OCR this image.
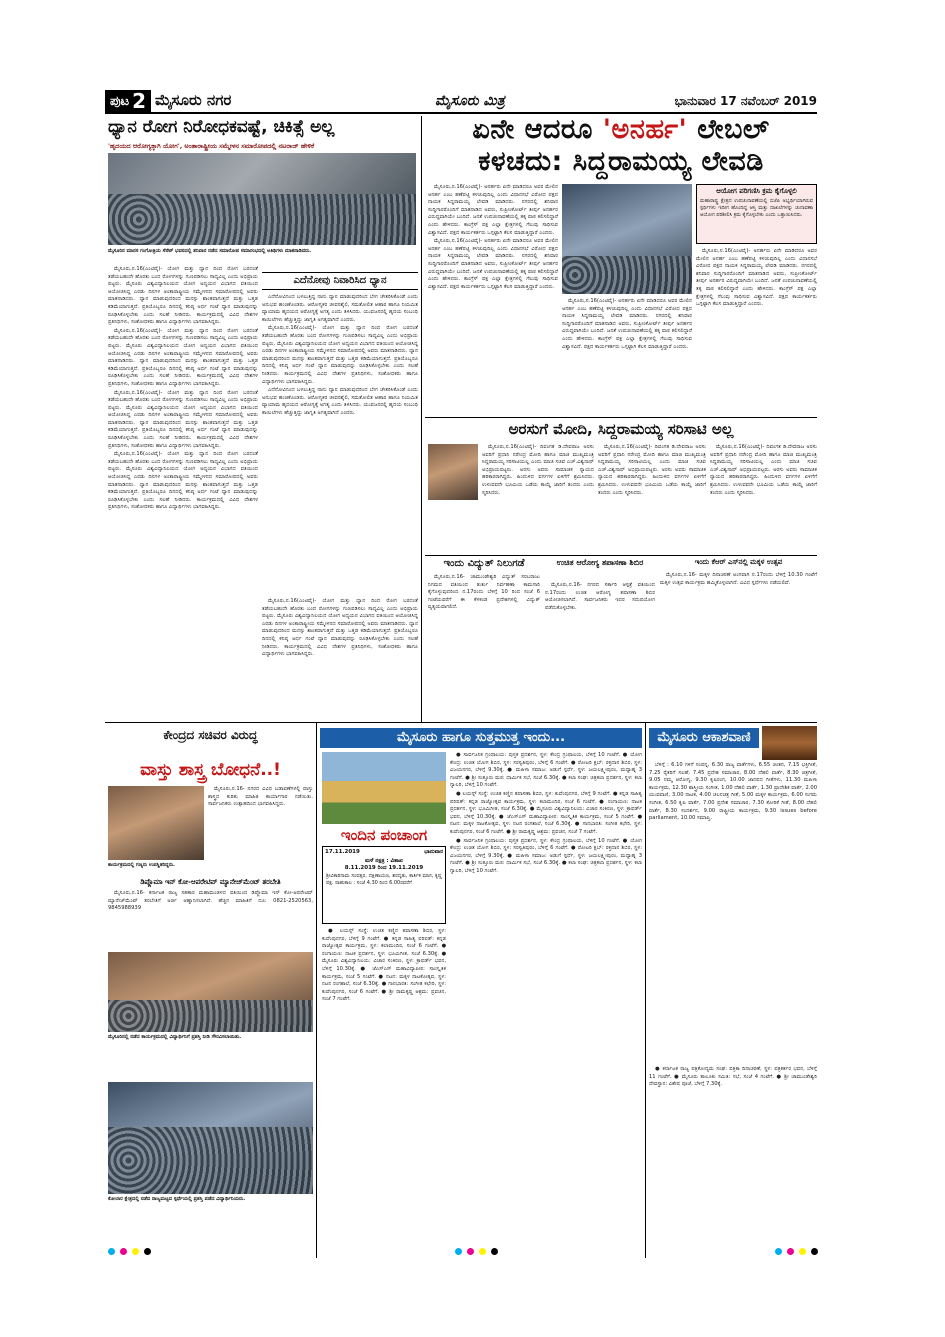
ಪುಟ 2 ಮೈಸೂರು ನಗರ	ಮೈಸೂರು ಮಿತ್ರ	ಭಾನುವಾರ 17 ನವೆಂಬರ್ 2019
ಧ್ಯಾನ ರೋಗ ನಿರೋಧಕವಷ್ಟೆ, ಚಿಕಿತ್ಸೆ ಅಲ್ಲ
'ಹೃದಯದ ಆರೋಗ್ಯಕ್ಕಾಗಿ ಯೋಗ', ಅಂತಾರಾಷ್ಟ್ರೀಯ ಸಮ್ಮೇಳನ ಸಮಾರೋಪದಲ್ಲಿ ನಟರಾಜ್ ಹೇಳಿಕೆ
ಮೈಸೂರಿನ ಮಾನಸ ಗಂಗೋತ್ರಿಯ ಸೆನೆಟ್ ಭವನದಲ್ಲಿ ಶನಿವಾರ ನಡೆದ ಸಮಾರೋಪ ಸಮಾರಂಭದಲ್ಲಿ ಅತಿಥಿಗಳು ಮಾತನಾಡಿದರು.

ಮೈಸೂರು,ನ.16(ಎಂಟಿವೈ)- ಯೋಗ ಮತ್ತು ಧ್ಯಾನ ದಿಂದ ರೋಗ ಬರದಂತೆ ತಡೆಯಬಹುದೇ ಹೊರತು ಬಂದ ರೋಗಗಳನ್ನು ಗುಣಪಡಿಸಲು ಸಾಧ್ಯವಿಲ್ಲ ಎಂದು ಅಭಿಪ್ರಾಯ ಪಟ್ಟರು. ಮೈಸೂರು ವಿಶ್ವವಿದ್ಯಾನಿಲಯದ ಯೋಗ ಅಧ್ಯಯನ ವಿಭಾಗದ ವತಿಯಿಂದ ಆಯೋಜಿಸಿದ್ದ ಎರಡು ದಿನಗಳ ಅಂತಾರಾಷ್ಟ್ರೀಯ ಸಮ್ಮೇಳನದ ಸಮಾರೋಪದಲ್ಲಿ ಅವರು ಮಾತನಾಡಿದರು. ಧ್ಯಾನ ಮಾಡುವುದರಿಂದ ಮನಸ್ಸು ಶಾಂತವಾಗುತ್ತದೆ ಮತ್ತು ಒತ್ತಡ ಕಡಿಮೆಯಾಗುತ್ತದೆ. ಪ್ರತಿಯೊಬ್ಬರೂ ದಿನದಲ್ಲಿ ಕನಿಷ್ಠ ಅರ್ಧ ಗಂಟೆ ಧ್ಯಾನ ಮಾಡುವುದನ್ನು ರೂಢಿಸಿಕೊಳ್ಳಬೇಕು ಎಂದು ಸಲಹೆ ನೀಡಿದರು. ಕಾರ್ಯಕ್ರಮದಲ್ಲಿ ವಿವಿಧ ದೇಶಗಳ ಪ್ರತಿನಿಧಿಗಳು, ಸಂಶೋಧಕರು ಹಾಗೂ ವಿದ್ಯಾರ್ಥಿಗಳು ಭಾಗವಹಿಸಿದ್ದರು.

ಮೈಸೂರು,ನ.16(ಎಂಟಿವೈ)- ಯೋಗ ಮತ್ತು ಧ್ಯಾನ ದಿಂದ ರೋಗ ಬರದಂತೆ ತಡೆಯಬಹುದೇ ಹೊರತು ಬಂದ ರೋಗಗಳನ್ನು ಗುಣಪಡಿಸಲು ಸಾಧ್ಯವಿಲ್ಲ ಎಂದು ಅಭಿಪ್ರಾಯ ಪಟ್ಟರು. ಮೈಸೂರು ವಿಶ್ವವಿದ್ಯಾನಿಲಯದ ಯೋಗ ಅಧ್ಯಯನ ವಿಭಾಗದ ವತಿಯಿಂದ ಆಯೋಜಿಸಿದ್ದ ಎರಡು ದಿನಗಳ ಅಂತಾರಾಷ್ಟ್ರೀಯ ಸಮ್ಮೇಳನದ ಸಮಾರೋಪದಲ್ಲಿ ಅವರು ಮಾತನಾಡಿದರು. ಧ್ಯಾನ ಮಾಡುವುದರಿಂದ ಮನಸ್ಸು ಶಾಂತವಾಗುತ್ತದೆ ಮತ್ತು ಒತ್ತಡ ಕಡಿಮೆಯಾಗುತ್ತದೆ. ಪ್ರತಿಯೊಬ್ಬರೂ ದಿನದಲ್ಲಿ ಕನಿಷ್ಠ ಅರ್ಧ ಗಂಟೆ ಧ್ಯಾನ ಮಾಡುವುದನ್ನು ರೂಢಿಸಿಕೊಳ್ಳಬೇಕು ಎಂದು ಸಲಹೆ ನೀಡಿದರು. ಕಾರ್ಯಕ್ರಮದಲ್ಲಿ ವಿವಿಧ ದೇಶಗಳ ಪ್ರತಿನಿಧಿಗಳು, ಸಂಶೋಧಕರು ಹಾಗೂ ವಿದ್ಯಾರ್ಥಿಗಳು ಭಾಗವಹಿಸಿದ್ದರು.

ಮೈಸೂರು,ನ.16(ಎಂಟಿವೈ)- ಯೋಗ ಮತ್ತು ಧ್ಯಾನ ದಿಂದ ರೋಗ ಬರದಂತೆ ತಡೆಯಬಹುದೇ ಹೊರತು ಬಂದ ರೋಗಗಳನ್ನು ಗುಣಪಡಿಸಲು ಸಾಧ್ಯವಿಲ್ಲ ಎಂದು ಅಭಿಪ್ರಾಯ ಪಟ್ಟರು. ಮೈಸೂರು ವಿಶ್ವವಿದ್ಯಾನಿಲಯದ ಯೋಗ ಅಧ್ಯಯನ ವಿಭಾಗದ ವತಿಯಿಂದ ಆಯೋಜಿಸಿದ್ದ ಎರಡು ದಿನಗಳ ಅಂತಾರಾಷ್ಟ್ರೀಯ ಸಮ್ಮೇಳನದ ಸಮಾರೋಪದಲ್ಲಿ ಅವರು ಮಾತನಾಡಿದರು. ಧ್ಯಾನ ಮಾಡುವುದರಿಂದ ಮನಸ್ಸು ಶಾಂತವಾಗುತ್ತದೆ ಮತ್ತು ಒತ್ತಡ ಕಡಿಮೆಯಾಗುತ್ತದೆ. ಪ್ರತಿಯೊಬ್ಬರೂ ದಿನದಲ್ಲಿ ಕನಿಷ್ಠ ಅರ್ಧ ಗಂಟೆ ಧ್ಯಾನ ಮಾಡುವುದನ್ನು ರೂಢಿಸಿಕೊಳ್ಳಬೇಕು ಎಂದು ಸಲಹೆ ನೀಡಿದರು. ಕಾರ್ಯಕ್ರಮದಲ್ಲಿ ವಿವಿಧ ದೇಶಗಳ ಪ್ರತಿನಿಧಿಗಳು, ಸಂಶೋಧಕರು ಹಾಗೂ ವಿದ್ಯಾರ್ಥಿಗಳು ಭಾಗವಹಿಸಿದ್ದರು.

ಮೈಸೂರು,ನ.16(ಎಂಟಿವೈ)- ಯೋಗ ಮತ್ತು ಧ್ಯಾನ ದಿಂದ ರೋಗ ಬರದಂತೆ ತಡೆಯಬಹುದೇ ಹೊರತು ಬಂದ ರೋಗಗಳನ್ನು ಗುಣಪಡಿಸಲು ಸಾಧ್ಯವಿಲ್ಲ ಎಂದು ಅಭಿಪ್ರಾಯ ಪಟ್ಟರು. ಮೈಸೂರು ವಿಶ್ವವಿದ್ಯಾನಿಲಯದ ಯೋಗ ಅಧ್ಯಯನ ವಿಭಾಗದ ವತಿಯಿಂದ ಆಯೋಜಿಸಿದ್ದ ಎರಡು ದಿನಗಳ ಅಂತಾರಾಷ್ಟ್ರೀಯ ಸಮ್ಮೇಳನದ ಸಮಾರೋಪದಲ್ಲಿ ಅವರು ಮಾತನಾಡಿದರು. ಧ್ಯಾನ ಮಾಡುವುದರಿಂದ ಮನಸ್ಸು ಶಾಂತವಾಗುತ್ತದೆ ಮತ್ತು ಒತ್ತಡ ಕಡಿಮೆಯಾಗುತ್ತದೆ. ಪ್ರತಿಯೊಬ್ಬರೂ ದಿನದಲ್ಲಿ ಕನಿಷ್ಠ ಅರ್ಧ ಗಂಟೆ ಧ್ಯಾನ ಮಾಡುವುದನ್ನು ರೂಢಿಸಿಕೊಳ್ಳಬೇಕು ಎಂದು ಸಲಹೆ ನೀಡಿದರು. ಕಾರ್ಯಕ್ರಮದಲ್ಲಿ ವಿವಿಧ ದೇಶಗಳ ಪ್ರತಿನಿಧಿಗಳು, ಸಂಶೋಧಕರು ಹಾಗೂ ವಿದ್ಯಾರ್ಥಿಗಳು ಭಾಗವಹಿಸಿದ್ದರು.

ಎದೆನೋವು ನಿವಾರಿಸಿದ ಧ್ಯಾನ

ಎದೆನೋವಿನಿಂದ ಬಳಲುತ್ತಿದ್ದ ನಾನು ಧ್ಯಾನ ಮಾಡುವುದರಿಂದ ಬೇಗ ಚೇತರಿಸಿಕೊಂಡೆ ಎಂದು ಅನುಭವ ಹಂಚಿಕೊಂಡರು. ಆರೋಗ್ಯಕರ ಜೀವನಶೈಲಿ, ಸಮತೋಲಿತ ಆಹಾರ ಹಾಗೂ ನಿಯಮಿತ ವ್ಯಾಯಾಮ ಹೃದಯದ ಆರೋಗ್ಯಕ್ಕೆ ಅಗತ್ಯ ಎಂದು ತಿಳಿಸಿದರು. ಯುವಜನರಲ್ಲಿ ಹೃದಯ ಸಂಬಂಧಿ ಕಾಯಿಲೆಗಳು ಹೆಚ್ಚುತ್ತಿದ್ದು ಜಾಗೃತಿ ಅಗತ್ಯವಾಗಿದೆ ಎಂದರು.

ಮೈಸೂರು,ನ.16(ಎಂಟಿವೈ)- ಯೋಗ ಮತ್ತು ಧ್ಯಾನ ದಿಂದ ರೋಗ ಬರದಂತೆ ತಡೆಯಬಹುದೇ ಹೊರತು ಬಂದ ರೋಗಗಳನ್ನು ಗುಣಪಡಿಸಲು ಸಾಧ್ಯವಿಲ್ಲ ಎಂದು ಅಭಿಪ್ರಾಯ ಪಟ್ಟರು. ಮೈಸೂರು ವಿಶ್ವವಿದ್ಯಾನಿಲಯದ ಯೋಗ ಅಧ್ಯಯನ ವಿಭಾಗದ ವತಿಯಿಂದ ಆಯೋಜಿಸಿದ್ದ ಎರಡು ದಿನಗಳ ಅಂತಾರಾಷ್ಟ್ರೀಯ ಸಮ್ಮೇಳನದ ಸಮಾರೋಪದಲ್ಲಿ ಅವರು ಮಾತನಾಡಿದರು. ಧ್ಯಾನ ಮಾಡುವುದರಿಂದ ಮನಸ್ಸು ಶಾಂತವಾಗುತ್ತದೆ ಮತ್ತು ಒತ್ತಡ ಕಡಿಮೆಯಾಗುತ್ತದೆ. ಪ್ರತಿಯೊಬ್ಬರೂ ದಿನದಲ್ಲಿ ಕನಿಷ್ಠ ಅರ್ಧ ಗಂಟೆ ಧ್ಯಾನ ಮಾಡುವುದನ್ನು ರೂಢಿಸಿಕೊಳ್ಳಬೇಕು ಎಂದು ಸಲಹೆ ನೀಡಿದರು. ಕಾರ್ಯಕ್ರಮದಲ್ಲಿ ವಿವಿಧ ದೇಶಗಳ ಪ್ರತಿನಿಧಿಗಳು, ಸಂಶೋಧಕರು ಹಾಗೂ ವಿದ್ಯಾರ್ಥಿಗಳು ಭಾಗವಹಿಸಿದ್ದರು.

ಎದೆನೋವಿನಿಂದ ಬಳಲುತ್ತಿದ್ದ ನಾನು ಧ್ಯಾನ ಮಾಡುವುದರಿಂದ ಬೇಗ ಚೇತರಿಸಿಕೊಂಡೆ ಎಂದು ಅನುಭವ ಹಂಚಿಕೊಂಡರು. ಆರೋಗ್ಯಕರ ಜೀವನಶೈಲಿ, ಸಮತೋಲಿತ ಆಹಾರ ಹಾಗೂ ನಿಯಮಿತ ವ್ಯಾಯಾಮ ಹೃದಯದ ಆರೋಗ್ಯಕ್ಕೆ ಅಗತ್ಯ ಎಂದು ತಿಳಿಸಿದರು. ಯುವಜನರಲ್ಲಿ ಹೃದಯ ಸಂಬಂಧಿ ಕಾಯಿಲೆಗಳು ಹೆಚ್ಚುತ್ತಿದ್ದು ಜಾಗೃತಿ ಅಗತ್ಯವಾಗಿದೆ ಎಂದರು.

ಮೈಸೂರು,ನ.16(ಎಂಟಿವೈ)- ಯೋಗ ಮತ್ತು ಧ್ಯಾನ ದಿಂದ ರೋಗ ಬರದಂತೆ ತಡೆಯಬಹುದೇ ಹೊರತು ಬಂದ ರೋಗಗಳನ್ನು ಗುಣಪಡಿಸಲು ಸಾಧ್ಯವಿಲ್ಲ ಎಂದು ಅಭಿಪ್ರಾಯ ಪಟ್ಟರು. ಮೈಸೂರು ವಿಶ್ವವಿದ್ಯಾನಿಲಯದ ಯೋಗ ಅಧ್ಯಯನ ವಿಭಾಗದ ವತಿಯಿಂದ ಆಯೋಜಿಸಿದ್ದ ಎರಡು ದಿನಗಳ ಅಂತಾರಾಷ್ಟ್ರೀಯ ಸಮ್ಮೇಳನದ ಸಮಾರೋಪದಲ್ಲಿ ಅವರು ಮಾತನಾಡಿದರು. ಧ್ಯಾನ ಮಾಡುವುದರಿಂದ ಮನಸ್ಸು ಶಾಂತವಾಗುತ್ತದೆ ಮತ್ತು ಒತ್ತಡ ಕಡಿಮೆಯಾಗುತ್ತದೆ. ಪ್ರತಿಯೊಬ್ಬರೂ ದಿನದಲ್ಲಿ ಕನಿಷ್ಠ ಅರ್ಧ ಗಂಟೆ ಧ್ಯಾನ ಮಾಡುವುದನ್ನು ರೂಢಿಸಿಕೊಳ್ಳಬೇಕು ಎಂದು ಸಲಹೆ ನೀಡಿದರು. ಕಾರ್ಯಕ್ರಮದಲ್ಲಿ ವಿವಿಧ ದೇಶಗಳ ಪ್ರತಿನಿಧಿಗಳು, ಸಂಶೋಧಕರು ಹಾಗೂ ವಿದ್ಯಾರ್ಥಿಗಳು ಭಾಗವಹಿಸಿದ್ದರು.

ಏನೇ ಆದರೂ 'ಅನರ್ಹ' ಲೇಬಲ್
ಕಳಚದು: ಸಿದ್ದರಾಮಯ್ಯ ಲೇವಡಿ

ಮೈಸೂರು,ನ.16(ಎಂಟಿವೈ)- ಅನರ್ಹರು ಏನೇ ಮಾಡಿದರೂ ಅವರ ಮೇಲಿನ ಅನರ್ಹ ಎಂಬ ಹಣೆಪಟ್ಟಿ ಕಳಚುವುದಿಲ್ಲ ಎಂದು ವಿಧಾನಸಭೆ ವಿರೋಧ ಪಕ್ಷದ ನಾಯಕ ಸಿದ್ದರಾಮಯ್ಯ ಲೇವಡಿ ಮಾಡಿದರು. ನಗರದಲ್ಲಿ ಶನಿವಾರ ಸುದ್ದಿಗಾರರೊಂದಿಗೆ ಮಾತನಾಡಿದ ಅವರು, ಸುಪ್ರೀಂಕೋರ್ಟ್ ತೀರ್ಪು ಅನರ್ಹರ ವಿರುದ್ಧವಾಗಿಯೇ ಬಂದಿದೆ. ಜನತೆ ಉಪಚುನಾವಣೆಯಲ್ಲಿ ತಕ್ಕ ಪಾಠ ಕಲಿಸಲಿದ್ದಾರೆ ಎಂದು ಹೇಳಿದರು. ಕಾಂಗ್ರೆಸ್ ಪಕ್ಷ ಎಲ್ಲಾ ಕ್ಷೇತ್ರಗಳಲ್ಲಿ ಗೆಲುವು ಸಾಧಿಸುವ ವಿಶ್ವಾಸವಿದೆ. ಪಕ್ಷದ ಕಾರ್ಯಕರ್ತರು ಒಗ್ಗಟ್ಟಾಗಿ ಕೆಲಸ ಮಾಡುತ್ತಿದ್ದಾರೆ ಎಂದರು.

ಮೈಸೂರು,ನ.16(ಎಂಟಿವೈ)- ಅನರ್ಹರು ಏನೇ ಮಾಡಿದರೂ ಅವರ ಮೇಲಿನ ಅನರ್ಹ ಎಂಬ ಹಣೆಪಟ್ಟಿ ಕಳಚುವುದಿಲ್ಲ ಎಂದು ವಿಧಾನಸಭೆ ವಿರೋಧ ಪಕ್ಷದ ನಾಯಕ ಸಿದ್ದರಾಮಯ್ಯ ಲೇವಡಿ ಮಾಡಿದರು. ನಗರದಲ್ಲಿ ಶನಿವಾರ ಸುದ್ದಿಗಾರರೊಂದಿಗೆ ಮಾತನಾಡಿದ ಅವರು, ಸುಪ್ರೀಂಕೋರ್ಟ್ ತೀರ್ಪು ಅನರ್ಹರ ವಿರುದ್ಧವಾಗಿಯೇ ಬಂದಿದೆ. ಜನತೆ ಉಪಚುನಾವಣೆಯಲ್ಲಿ ತಕ್ಕ ಪಾಠ ಕಲಿಸಲಿದ್ದಾರೆ ಎಂದು ಹೇಳಿದರು. ಕಾಂಗ್ರೆಸ್ ಪಕ್ಷ ಎಲ್ಲಾ ಕ್ಷೇತ್ರಗಳಲ್ಲಿ ಗೆಲುವು ಸಾಧಿಸುವ ವಿಶ್ವಾಸವಿದೆ. ಪಕ್ಷದ ಕಾರ್ಯಕರ್ತರು ಒಗ್ಗಟ್ಟಾಗಿ ಕೆಲಸ ಮಾಡುತ್ತಿದ್ದಾರೆ ಎಂದರು.

ಆಯೋಗ ಪರಿಗಣಿಸಿ ಕ್ರಮ ಕೈಗೊಳ್ಳಲಿ
ಮಹಾರಾಷ್ಟ್ರ ಕ್ಷೇತ್ರದ ಉಪಚುನಾವಣೆಯಲ್ಲಿ ಬಿಜೆಪಿ ಅಭ್ಯರ್ಥಿಯಾಗಿರುವ ಸ್ಪರ್ಧಿಗಳು ಇದೀಗ ಹೊಂದಿದ್ದ ಆಸ್ತಿ ಮತ್ತು ದಾಖಲೆಗಳನ್ನು ಚುನಾವಣಾ ಆಯೋಗ ಪರಿಶೀಲಿಸಿ ಕ್ರಮ ಕೈಗೊಳ್ಳಬೇಕು ಎಂದು ಒತ್ತಾಯಿಸಿದರು.

ಮೈಸೂರು,ನ.16(ಎಂಟಿವೈ)- ಅನರ್ಹರು ಏನೇ ಮಾಡಿದರೂ ಅವರ ಮೇಲಿನ ಅನರ್ಹ ಎಂಬ ಹಣೆಪಟ್ಟಿ ಕಳಚುವುದಿಲ್ಲ ಎಂದು ವಿಧಾನಸಭೆ ವಿರೋಧ ಪಕ್ಷದ ನಾಯಕ ಸಿದ್ದರಾಮಯ್ಯ ಲೇವಡಿ ಮಾಡಿದರು. ನಗರದಲ್ಲಿ ಶನಿವಾರ ಸುದ್ದಿಗಾರರೊಂದಿಗೆ ಮಾತನಾಡಿದ ಅವರು, ಸುಪ್ರೀಂಕೋರ್ಟ್ ತೀರ್ಪು ಅನರ್ಹರ ವಿರುದ್ಧವಾಗಿಯೇ ಬಂದಿದೆ. ಜನತೆ ಉಪಚುನಾವಣೆಯಲ್ಲಿ ತಕ್ಕ ಪಾಠ ಕಲಿಸಲಿದ್ದಾರೆ ಎಂದು ಹೇಳಿದರು. ಕಾಂಗ್ರೆಸ್ ಪಕ್ಷ ಎಲ್ಲಾ ಕ್ಷೇತ್ರಗಳಲ್ಲಿ ಗೆಲುವು ಸಾಧಿಸುವ ವಿಶ್ವಾಸವಿದೆ. ಪಕ್ಷದ ಕಾರ್ಯಕರ್ತರು ಒಗ್ಗಟ್ಟಾಗಿ ಕೆಲಸ ಮಾಡುತ್ತಿದ್ದಾರೆ ಎಂದರು.

ಮೈಸೂರು,ನ.16(ಎಂಟಿವೈ)- ಅನರ್ಹರು ಏನೇ ಮಾಡಿದರೂ ಅವರ ಮೇಲಿನ ಅನರ್ಹ ಎಂಬ ಹಣೆಪಟ್ಟಿ ಕಳಚುವುದಿಲ್ಲ ಎಂದು ವಿಧಾನಸಭೆ ವಿರೋಧ ಪಕ್ಷದ ನಾಯಕ ಸಿದ್ದರಾಮಯ್ಯ ಲೇವಡಿ ಮಾಡಿದರು. ನಗರದಲ್ಲಿ ಶನಿವಾರ ಸುದ್ದಿಗಾರರೊಂದಿಗೆ ಮಾತನಾಡಿದ ಅವರು, ಸುಪ್ರೀಂಕೋರ್ಟ್ ತೀರ್ಪು ಅನರ್ಹರ ವಿರುದ್ಧವಾಗಿಯೇ ಬಂದಿದೆ. ಜನತೆ ಉಪಚುನಾವಣೆಯಲ್ಲಿ ತಕ್ಕ ಪಾಠ ಕಲಿಸಲಿದ್ದಾರೆ ಎಂದು ಹೇಳಿದರು. ಕಾಂಗ್ರೆಸ್ ಪಕ್ಷ ಎಲ್ಲಾ ಕ್ಷೇತ್ರಗಳಲ್ಲಿ ಗೆಲುವು ಸಾಧಿಸುವ ವಿಶ್ವಾಸವಿದೆ. ಪಕ್ಷದ ಕಾರ್ಯಕರ್ತರು ಒಗ್ಗಟ್ಟಾಗಿ ಕೆಲಸ ಮಾಡುತ್ತಿದ್ದಾರೆ ಎಂದರು.

ಅರಸುಗೆ ಮೋದಿ, ಸಿದ್ದರಾಮಯ್ಯ ಸರಿಸಾಟಿ ಅಲ್ಲ

ಮೈಸೂರು,ನ.16(ಎಂಟಿವೈ)- ದಿವಂಗತ ಡಿ.ದೇವರಾಜ ಅರಸು ಅವರಿಗೆ ಪ್ರಧಾನಿ ನರೇಂದ್ರ ಮೋದಿ ಹಾಗೂ ಮಾಜಿ ಮುಖ್ಯಮಂತ್ರಿ ಸಿದ್ದರಾಮಯ್ಯ ಸರಿಸಾಟಿಯಲ್ಲ ಎಂದು ಮಾಜಿ ಸಚಿವ ಎಚ್.ವಿಶ್ವನಾಥ್ ಅಭಿಪ್ರಾಯಪಟ್ಟರು. ಅರಸು ಅವರು ಸಾಮಾಜಿಕ ನ್ಯಾಯದ ಹರಿಕಾರರಾಗಿದ್ದರು. ಹಿಂದುಳಿದ ವರ್ಗಗಳ ಏಳಿಗೆಗೆ ಶ್ರಮಿಸಿದರು. ಉಳುವವನೇ ಭೂಮಿಯ ಒಡೆಯ ಕಾಯ್ದೆ ಜಾರಿಗೆ ತಂದರು ಎಂದು ಸ್ಮರಿಸಿದರು.

ಮೈಸೂರು,ನ.16(ಎಂಟಿವೈ)- ದಿವಂಗತ ಡಿ.ದೇವರಾಜ ಅರಸು ಅವರಿಗೆ ಪ್ರಧಾನಿ ನರೇಂದ್ರ ಮೋದಿ ಹಾಗೂ ಮಾಜಿ ಮುಖ್ಯಮಂತ್ರಿ ಸಿದ್ದರಾಮಯ್ಯ ಸರಿಸಾಟಿಯಲ್ಲ ಎಂದು ಮಾಜಿ ಸಚಿವ ಎಚ್.ವಿಶ್ವನಾಥ್ ಅಭಿಪ್ರಾಯಪಟ್ಟರು. ಅರಸು ಅವರು ಸಾಮಾಜಿಕ ನ್ಯಾಯದ ಹರಿಕಾರರಾಗಿದ್ದರು. ಹಿಂದುಳಿದ ವರ್ಗಗಳ ಏಳಿಗೆಗೆ ಶ್ರಮಿಸಿದರು. ಉಳುವವನೇ ಭೂಮಿಯ ಒಡೆಯ ಕಾಯ್ದೆ ಜಾರಿಗೆ ತಂದರು ಎಂದು ಸ್ಮರಿಸಿದರು.

ಮೈಸೂರು,ನ.16(ಎಂಟಿವೈ)- ದಿವಂಗತ ಡಿ.ದೇವರಾಜ ಅರಸು ಅವರಿಗೆ ಪ್ರಧಾನಿ ನರೇಂದ್ರ ಮೋದಿ ಹಾಗೂ ಮಾಜಿ ಮುಖ್ಯಮಂತ್ರಿ ಸಿದ್ದರಾಮಯ್ಯ ಸರಿಸಾಟಿಯಲ್ಲ ಎಂದು ಮಾಜಿ ಸಚಿವ ಎಚ್.ವಿಶ್ವನಾಥ್ ಅಭಿಪ್ರಾಯಪಟ್ಟರು. ಅರಸು ಅವರು ಸಾಮಾಜಿಕ ನ್ಯಾಯದ ಹರಿಕಾರರಾಗಿದ್ದರು. ಹಿಂದುಳಿದ ವರ್ಗಗಳ ಏಳಿಗೆಗೆ ಶ್ರಮಿಸಿದರು. ಉಳುವವನೇ ಭೂಮಿಯ ಒಡೆಯ ಕಾಯ್ದೆ ಜಾರಿಗೆ ತಂದರು ಎಂದು ಸ್ಮರಿಸಿದರು.

ಇಂದು ವಿದ್ಯುತ್ ನಿಲುಗಡೆ

ಮೈಸೂರು,ನ.16- ಚಾಮುಂಡೇಶ್ವರಿ ವಿದ್ಯುತ್ ಸರಬರಾಜು ನಿಗಮದ ವತಿಯಿಂದ ತುರ್ತು ನಿರ್ವಹಣಾ ಕಾಮಗಾರಿ ಕೈಗೊಳ್ಳುವುದರಿಂದ ನ.17ರಂದು ಬೆಳಿಗ್ಗೆ 10 ರಿಂದ ಸಂಜೆ 6 ಗಂಟೆಯವರೆಗೆ ಈ ಕೆಳಕಂಡ ಪ್ರದೇಶಗಳಲ್ಲಿ ವಿದ್ಯುತ್ ವ್ಯತ್ಯಯವಾಗಲಿದೆ.

ಉಚಿತ ಆರೋಗ್ಯ ತಪಾಸಣಾ ಶಿಬಿರ

ಮೈಸೂರು,ನ.16- ನಗರದ ಸರ್ಕಾರಿ ಆಸ್ಪತ್ರೆ ವತಿಯಿಂದ ನ.17ರಂದು ಉಚಿತ ಆರೋಗ್ಯ ತಪಾಸಣಾ ಶಿಬಿರ ಆಯೋಜಿಸಲಾಗಿದೆ. ಸಾರ್ವಜನಿಕರು ಇದರ ಸದುಪಯೋಗ ಪಡೆದುಕೊಳ್ಳಬೇಕು.

ಇಂದು ಕೆಆರ್ ಎಸ್‌ನಲ್ಲಿ ಮಕ್ಕಳ ಉತ್ಸವ

ಮೈಸೂರು,ನ.16- ಮಕ್ಕಳ ದಿನಾಚರಣೆ ಅಂಗವಾಗಿ ನ.17ರಂದು ಬೆಳಿಗ್ಗೆ 10.30 ಗಂಟೆಗೆ ಮಕ್ಕಳ ಉತ್ಸವ ಕಾರ್ಯಕ್ರಮ ಹಮ್ಮಿಕೊಳ್ಳಲಾಗಿದೆ. ವಿವಿಧ ಸ್ಪರ್ಧೆಗಳು ನಡೆಯಲಿವೆ.

ಕೇಂದ್ರದ ಸಚಿವರ ವಿರುದ್ಧ
ವಾಸ್ತು ಶಾಸ್ತ್ರ ಬೋಧನೆ..!

ಮೈಸೂರು,ನ.16- ನಗರದ ವಿವಿಧ ಬಡಾವಣೆಗಳಲ್ಲಿ ವಾಸ್ತು ಶಾಸ್ತ್ರದ ಕುರಿತು ಮಾಹಿತಿ ಕಾರ್ಯಾಗಾರ ನಡೆಯಿತು. ಸಾರ್ವಜನಿಕರು ಉತ್ಸಾಹದಿಂದ ಭಾಗವಹಿಸಿದ್ದರು.

ಕಾರ್ಯಕ್ರಮದಲ್ಲಿ ಗಣ್ಯರು ಉಪಸ್ಥಿತರಿದ್ದರು.
ಡಿಪ್ಲೊಮಾ ಇನ್ ಕೋ-ಆಪರೇಟಿವ್ ಮ್ಯಾನೇಜ್‌ಮೆಂಟ್ ತರಬೇತಿ

ಮೈಸೂರು,ನ.16- ಕರ್ನಾಟಕ ರಾಜ್ಯ ಸಹಕಾರ ಮಹಾಮಂಡಳದ ವತಿಯಿಂದ ಡಿಪ್ಲೊಮಾ ಇನ್ ಕೋ-ಆಪರೇಟಿವ್ ಮ್ಯಾನೇಜ್‌ಮೆಂಟ್ ತರಬೇತಿಗೆ ಅರ್ಜಿ ಆಹ್ವಾನಿಸಲಾಗಿದೆ. ಹೆಚ್ಚಿನ ಮಾಹಿತಿಗೆ ದೂ: 0821-2520563, 9845988939

ಮೈಸೂರಿನಲ್ಲಿ ನಡೆದ ಕಾರ್ಯಕ್ರಮದಲ್ಲಿ ವಿದ್ಯಾರ್ಥಿನಿಗೆ ಪ್ರಶಸ್ತಿ ನೀಡಿ ಗೌರವಿಸಲಾಯಿತು.
ಕೋಲಾರ ಕ್ಷೇತ್ರದಲ್ಲಿ ನಡೆದ ರಾಜ್ಯಮಟ್ಟದ ಸ್ಪರ್ಧೆಯಲ್ಲಿ ಪ್ರಶಸ್ತಿ ಪಡೆದ ವಿದ್ಯಾರ್ಥಿನಿಯರು.
ಮೈಸೂರು ಹಾಗೂ ಸುತ್ತಮುತ್ತ ಇಂದು...
ಇಂದಿನ ಪಂಚಾಂಗ
17.11.2019	ಭಾನುವಾರ
ಮಳೆ ನಕ್ಷತ್ರ : ವಿಶಾಖ
8.11.2019 ರಿಂದ 19.11.2019
ಶ್ರೀವಿಕಾರಿನಾಮ ಸಂವತ್ಸರ, ದಕ್ಷಿಣಾಯಣ, ಶರದೃತು, ಕಾರ್ತಿಕ ಮಾಸ, ಕೃಷ್ಣ ಪಕ್ಷ. ರಾಹುಕಾಲ : ಸಂಜೆ 4.30 ರಿಂದ 6.00ರವರೆಗೆ

● ಲಯನ್ಸ್ ಸಂಸ್ಥೆ: ಉಚಿತ ಕಣ್ಣಿನ ತಪಾಸಣಾ ಶಿಬಿರ, ಸ್ಥಳ: ಕುವೆಂಪುನಗರ, ಬೆಳಿಗ್ಗೆ 9 ಗಂಟೆಗೆ. ● ಕನ್ನಡ ಸಾಹಿತ್ಯ ಪರಿಷತ್: ಕನ್ನಡ ರಾಜ್ಯೋತ್ಸವ ಕಾರ್ಯಕ್ರಮ, ಸ್ಥಳ: ಕಲಾಮಂದಿರ, ಸಂಜೆ 6 ಗಂಟೆಗೆ. ● ರಂಗಾಯಣ: ನಾಟಕ ಪ್ರದರ್ಶನ, ಸ್ಥಳ: ಭೂಮಿಗೀತ, ಸಂಜೆ 6.30ಕ್ಕೆ. ● ಮೈಸೂರು ವಿಶ್ವವಿದ್ಯಾನಿಲಯ: ವಿಚಾರ ಸಂಕಿರಣ, ಸ್ಥಳ: ಕ್ರಾಫರ್ಡ್ ಭವನ, ಬೆಳಿಗ್ಗೆ 10.30ಕ್ಕೆ. ● ಜೆಎಸ್‌ಎಸ್ ಮಹಾವಿದ್ಯಾಪೀಠ: ಸಾಂಸ್ಕೃತಿಕ ಕಾರ್ಯಕ್ರಮ, ಸಂಜೆ 5 ಗಂಟೆಗೆ. ● ನಟನ: ಮಕ್ಕಳ ನಾಟಕೋತ್ಸವ, ಸ್ಥಳ: ನಟನ ರಂಗಶಾಲೆ, ಸಂಜೆ 6.30ಕ್ಕೆ. ● ಗಾನಭಾರತಿ: ಸಂಗೀತ ಕಛೇರಿ, ಸ್ಥಳ: ಕುವೆಂಪುನಗರ, ಸಂಜೆ 6 ಗಂಟೆಗೆ. ● ಶ್ರೀ ರಾಮಕೃಷ್ಣ ಆಶ್ರಮ: ಪ್ರವಚನ, ಸಂಜೆ 7 ಗಂಟೆಗೆ.

● ಸಾರ್ವಜನಿಕ ಗ್ರಂಥಾಲಯ: ಪುಸ್ತಕ ಪ್ರದರ್ಶನ, ಸ್ಥಳ: ಕೇಂದ್ರ ಗ್ರಂಥಾಲಯ, ಬೆಳಿಗ್ಗೆ 10 ಗಂಟೆಗೆ. ● ಯೋಗ ಕೇಂದ್ರ: ಉಚಿತ ಯೋಗ ಶಿಬಿರ, ಸ್ಥಳ: ಸರಸ್ವತಿಪುರಂ, ಬೆಳಿಗ್ಗೆ 6 ಗಂಟೆಗೆ. ● ರೋಟರಿ ಕ್ಲಬ್: ರಕ್ತದಾನ ಶಿಬಿರ, ಸ್ಥಳ: ವಿಜಯನಗರ, ಬೆಳಿಗ್ಗೆ 9.30ಕ್ಕೆ. ● ಮಹಿಳಾ ಸಮಾಜ: ಅಡುಗೆ ಸ್ಪರ್ಧೆ, ಸ್ಥಳ: ಜಯಲಕ್ಷ್ಮೀಪುರಂ, ಮಧ್ಯಾಹ್ನ 3 ಗಂಟೆಗೆ. ● ಶ್ರೀ ಸುತ್ತೂರು ಮಠ: ಧಾರ್ಮಿಕ ಸಭೆ, ಸಂಜೆ 6.30ಕ್ಕೆ. ● ಕಲಾ ಸಂಘ: ಚಿತ್ರಕಲಾ ಪ್ರದರ್ಶನ, ಸ್ಥಳ: ಕಲಾ ಗ್ಯಾಲರಿ, ಬೆಳಿಗ್ಗೆ 10 ಗಂಟೆಗೆ.

● ಲಯನ್ಸ್ ಸಂಸ್ಥೆ: ಉಚಿತ ಕಣ್ಣಿನ ತಪಾಸಣಾ ಶಿಬಿರ, ಸ್ಥಳ: ಕುವೆಂಪುನಗರ, ಬೆಳಿಗ್ಗೆ 9 ಗಂಟೆಗೆ. ● ಕನ್ನಡ ಸಾಹಿತ್ಯ ಪರಿಷತ್: ಕನ್ನಡ ರಾಜ್ಯೋತ್ಸವ ಕಾರ್ಯಕ್ರಮ, ಸ್ಥಳ: ಕಲಾಮಂದಿರ, ಸಂಜೆ 6 ಗಂಟೆಗೆ. ● ರಂಗಾಯಣ: ನಾಟಕ ಪ್ರದರ್ಶನ, ಸ್ಥಳ: ಭೂಮಿಗೀತ, ಸಂಜೆ 6.30ಕ್ಕೆ. ● ಮೈಸೂರು ವಿಶ್ವವಿದ್ಯಾನಿಲಯ: ವಿಚಾರ ಸಂಕಿರಣ, ಸ್ಥಳ: ಕ್ರಾಫರ್ಡ್ ಭವನ, ಬೆಳಿಗ್ಗೆ 10.30ಕ್ಕೆ. ● ಜೆಎಸ್‌ಎಸ್ ಮಹಾವಿದ್ಯಾಪೀಠ: ಸಾಂಸ್ಕೃತಿಕ ಕಾರ್ಯಕ್ರಮ, ಸಂಜೆ 5 ಗಂಟೆಗೆ. ● ನಟನ: ಮಕ್ಕಳ ನಾಟಕೋತ್ಸವ, ಸ್ಥಳ: ನಟನ ರಂಗಶಾಲೆ, ಸಂಜೆ 6.30ಕ್ಕೆ. ● ಗಾನಭಾರತಿ: ಸಂಗೀತ ಕಛೇರಿ, ಸ್ಥಳ: ಕುವೆಂಪುನಗರ, ಸಂಜೆ 6 ಗಂಟೆಗೆ. ● ಶ್ರೀ ರಾಮಕೃಷ್ಣ ಆಶ್ರಮ: ಪ್ರವಚನ, ಸಂಜೆ 7 ಗಂಟೆಗೆ.

● ಸಾರ್ವಜನಿಕ ಗ್ರಂಥಾಲಯ: ಪುಸ್ತಕ ಪ್ರದರ್ಶನ, ಸ್ಥಳ: ಕೇಂದ್ರ ಗ್ರಂಥಾಲಯ, ಬೆಳಿಗ್ಗೆ 10 ಗಂಟೆಗೆ. ● ಯೋಗ ಕೇಂದ್ರ: ಉಚಿತ ಯೋಗ ಶಿಬಿರ, ಸ್ಥಳ: ಸರಸ್ವತಿಪುರಂ, ಬೆಳಿಗ್ಗೆ 6 ಗಂಟೆಗೆ. ● ರೋಟರಿ ಕ್ಲಬ್: ರಕ್ತದಾನ ಶಿಬಿರ, ಸ್ಥಳ: ವಿಜಯನಗರ, ಬೆಳಿಗ್ಗೆ 9.30ಕ್ಕೆ. ● ಮಹಿಳಾ ಸಮಾಜ: ಅಡುಗೆ ಸ್ಪರ್ಧೆ, ಸ್ಥಳ: ಜಯಲಕ್ಷ್ಮೀಪುರಂ, ಮಧ್ಯಾಹ್ನ 3 ಗಂಟೆಗೆ. ● ಶ್ರೀ ಸುತ್ತೂರು ಮಠ: ಧಾರ್ಮಿಕ ಸಭೆ, ಸಂಜೆ 6.30ಕ್ಕೆ. ● ಕಲಾ ಸಂಘ: ಚಿತ್ರಕಲಾ ಪ್ರದರ್ಶನ, ಸ್ಥಳ: ಕಲಾ ಗ್ಯಾಲರಿ, ಬೆಳಿಗ್ಗೆ 10 ಗಂಟೆಗೆ.

ಮೈಸೂರು ಆಕಾಶವಾಣಿ

ಬೆಳಿಗ್ಗೆ : 6.10 ಗಳಿಗೆ ಸಂಪನ್ನ, 6.30 ರಾಜ್ಯ ವಾರ್ತೆಗಳು, 6.55 ಚಿಂತನ, 7.15 ಭಕ್ತಿಗೀತೆ, 7.25 ರೈತರಿಗೆ ಸಲಹೆ, 7.45 ಪ್ರದೇಶ ಸಮಾಚಾರ, 8.00 ದೆಹಲಿ ವಾರ್ತೆ, 8.30 ಚಿತ್ರಗೀತೆ, 9.05 ನಮ್ಮ ಆರೋಗ್ಯ, 9.30 ಕೃಷಿರಂಗ, 10.00 ಜಾನಪದ ಗೀತೆಗಳು, 11.30 ಮಹಿಳಾ ಕಾರ್ಯಕ್ರಮ, 12.30 ಶಾಸ್ತ್ರೀಯ ಸಂಗೀತ, 1.00 ದೆಹಲಿ ವಾರ್ತೆ, 1.30 ಪ್ರಾದೇಶಿಕ ವಾರ್ತೆ, 2.00 ಯುವವಾಣಿ, 3.00 ನಾಟಕ, 4.00 ಚಲನಚಿತ್ರ ಗೀತೆ, 5.00 ಮಕ್ಕಳ ಕಾರ್ಯಕ್ರಮ, 6.00 ಸುಗಮ ಸಂಗೀತ, 6.50 ಕೃಷಿ ವಾರ್ತೆ, 7.00 ಪ್ರದೇಶ ಸಮಾಚಾರ, 7.30 ಕೋರಿಕೆ ಗೀತೆ, 8.00 ದೆಹಲಿ ವಾರ್ತೆ, 8.30 ಸಂದರ್ಶನ, 9.00 ರಾಷ್ಟ್ರೀಯ ಕಾರ್ಯಕ್ರಮ, 9.30 issues before parliament, 10.00 ಸಮಾಪ್ತಿ.

● ಕರ್ನಾಟಕ ರಾಜ್ಯ ಪತ್ರಿಕೋದ್ಯಮ ಸಂಘ: ಪತ್ರಿಕಾ ದಿನಾಚರಣೆ, ಸ್ಥಳ: ಪತ್ರಕರ್ತರ ಭವನ, ಬೆಳಿಗ್ಗೆ 11 ಗಂಟೆಗೆ. ● ಮೈಸೂರು ತಾಲೂಕು ಸಮಿತಿ: ಸಭೆ, ಸಂಜೆ 4 ಗಂಟೆಗೆ. ● ಶ್ರೀ ಚಾಮುಂಡೇಶ್ವರಿ ದೇವಸ್ಥಾನ: ವಿಶೇಷ ಪೂಜೆ, ಬೆಳಿಗ್ಗೆ 7.30ಕ್ಕೆ.
